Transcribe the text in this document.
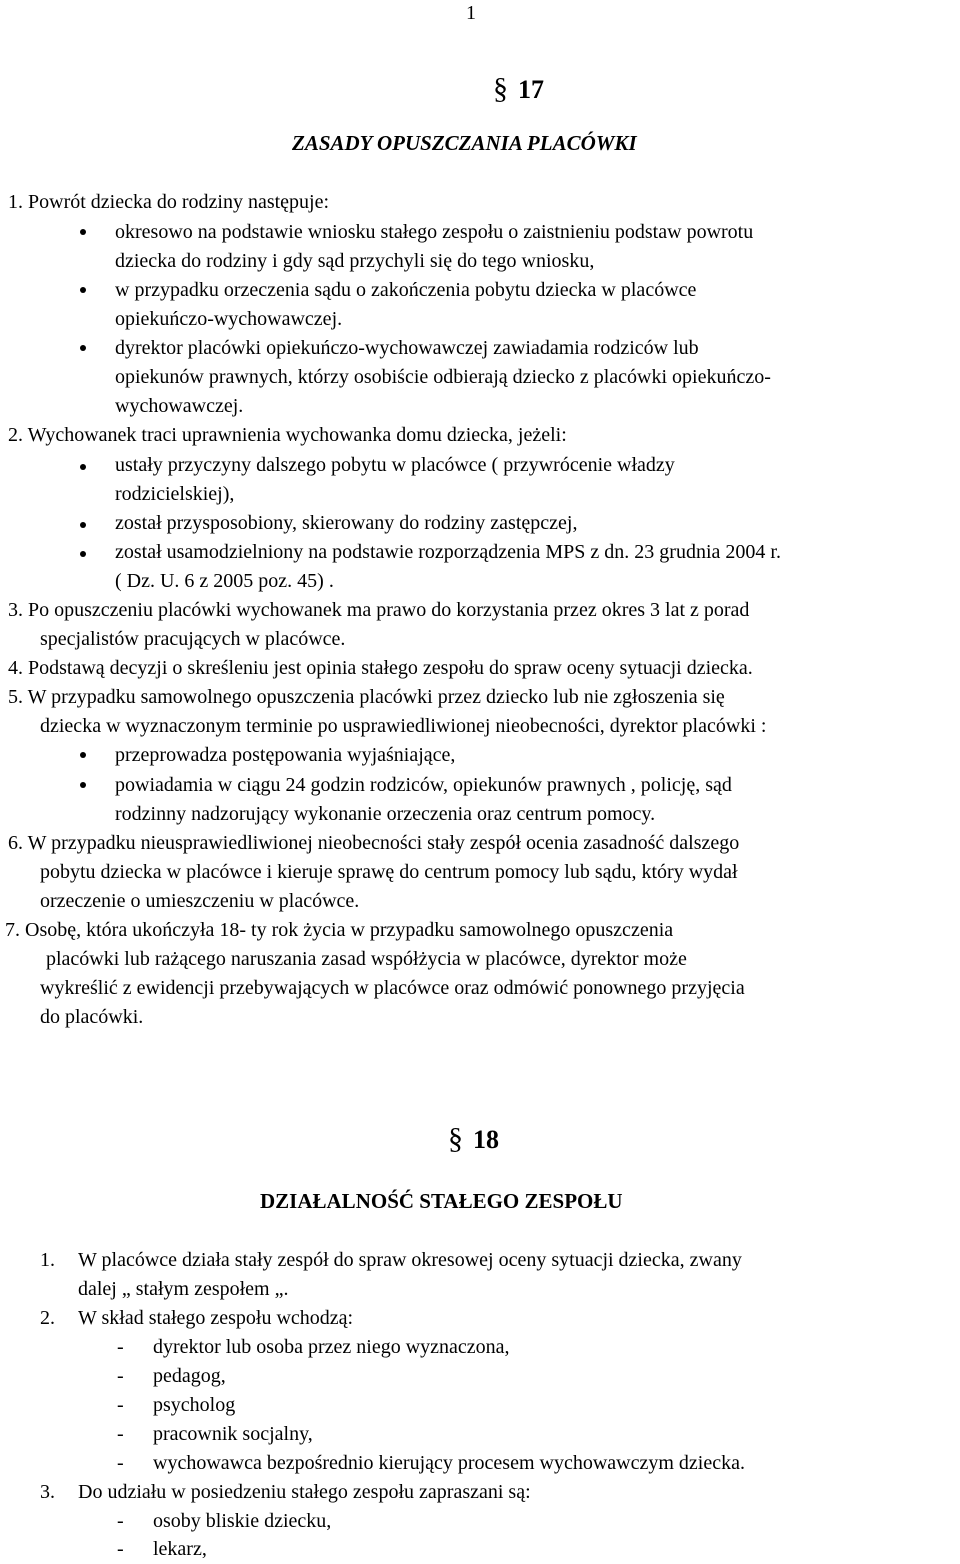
1
§ 17
ZASADY OPUSZCZANIA PLACÓWKI
1. Powrót dziecka do rodziny następuje:
okresowo na podstawie wniosku stałego zespołu o zaistnieniu podstaw powrotu
dziecka do rodziny i gdy sąd przychyli się do tego wniosku,
w przypadku orzeczenia sądu o zakończenia pobytu dziecka w placówce
opiekuńczo-wychowawczej.
dyrektor placówki opiekuńczo-wychowawczej zawiadamia rodziców lub
opiekunów prawnych, którzy osobiście odbierają dziecko z placówki opiekuńczo-
wychowawczej.
2. Wychowanek traci uprawnienia wychowanka domu dziecka, jeżeli:
ustały przyczyny dalszego pobytu w placówce ( przywrócenie władzy
rodzicielskiej),
został przysposobiony, skierowany do rodziny zastępczej,
został usamodzielniony na podstawie rozporządzenia MPS z dn. 23 grudnia 2004 r.
( Dz. U. 6 z 2005 poz. 45) .
3. Po opuszczeniu placówki wychowanek ma prawo do korzystania przez okres 3 lat z porad
specjalistów pracujących w placówce.
4. Podstawą decyzji o skreśleniu jest opinia stałego zespołu do spraw oceny sytuacji dziecka.
5. W przypadku samowolnego opuszczenia placówki przez dziecko lub nie zgłoszenia się
dziecka w wyznaczonym terminie po usprawiedliwionej nieobecności, dyrektor placówki :
przeprowadza postępowania wyjaśniające,
powiadamia w ciągu 24 godzin rodziców, opiekunów prawnych , policję, sąd
rodzinny nadzorujący wykonanie orzeczenia oraz centrum pomocy.
6. W przypadku nieusprawiedliwionej nieobecności stały zespół ocenia zasadność dalszego
pobytu dziecka w placówce i kieruje sprawę do centrum pomocy lub sądu, który wydał
orzeczenie o umieszczeniu w placówce.
7. Osobę, która ukończyła 18- ty rok życia w przypadku samowolnego opuszczenia
placówki lub rażącego naruszania zasad współżycia w placówce, dyrektor może
wykreślić z ewidencji przebywających w placówce oraz odmówić ponownego przyjęcia
do placówki.
§ 18
DZIAŁALNOŚĆ STAŁEGO ZESPOŁU
1. W placówce działa stały zespół do spraw okresowej oceny sytuacji dziecka, zwany
dalej „ stałym zespołem „.
2. W skład stałego zespołu wchodzą:
- dyrektor lub osoba przez niego wyznaczona,
- pedagog,
- psycholog
- pracownik socjalny,
- wychowawca bezpośrednio kierujący procesem wychowawczym dziecka.
3. Do udziału w posiedzeniu stałego zespołu zapraszani są:
- osoby bliskie dziecku,
- lekarz,
